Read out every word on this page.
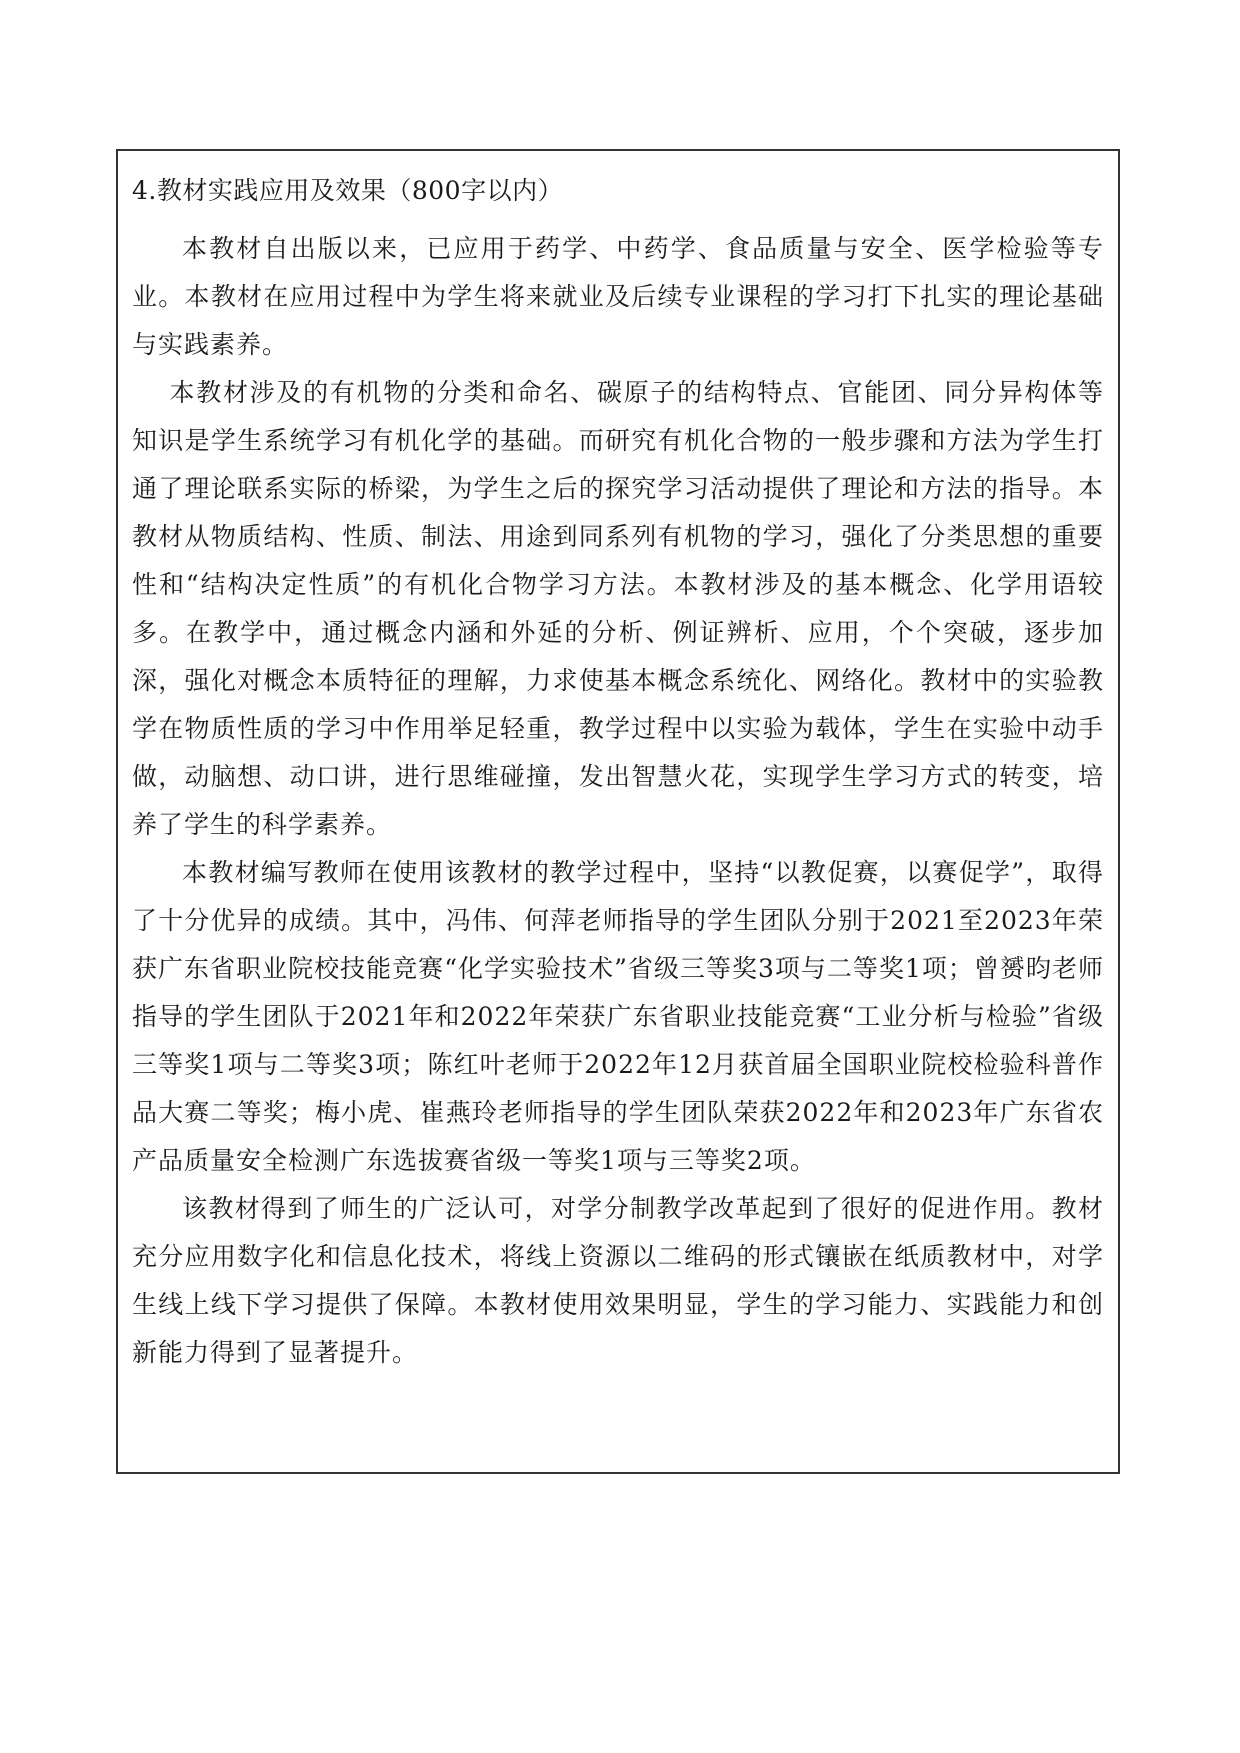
4.教材实践应用及效果（800字以内）

本教材自出版以来，已应用于药学、中药学、食品质量与安全、医学检验等专业。本教材在应用过程中为学生将来就业及后续专业课程的学习打下扎实的理论基础与实践素养。

本教材涉及的有机物的分类和命名、碳原子的结构特点、官能团、同分异构体等知识是学生系统学习有机化学的基础。而研究有机化合物的一般步骤和方法为学生打通了理论联系实际的桥梁，为学生之后的探究学习活动提供了理论和方法的指导。本教材从物质结构、性质、制法、用途到同系列有机物的学习，强化了分类思想的重要性和“结构决定性质”的有机化合物学习方法。本教材涉及的基本概念、化学用语较多。在教学中，通过概念内涵和外延的分析、例证辨析、应用，个个突破，逐步加深，强化对概念本质特征的理解，力求使基本概念系统化、网络化。教材中的实验教学在物质性质的学习中作用举足轻重，教学过程中以实验为载体，学生在实验中动手做，动脑想、动口讲，进行思维碰撞，发出智慧火花，实现学生学习方式的转变，培养了学生的科学素养。

本教材编写教师在使用该教材的教学过程中，坚持“以教促赛，以赛促学”，取得了十分优异的成绩。其中，冯伟、何萍老师指导的学生团队分别于2021至2023年荣获广东省职业院校技能竞赛“化学实验技术”省级三等奖3项与二等奖1项；曾赟昀老师指导的学生团队于2021年和2022年荣获广东省职业技能竞赛“工业分析与检验”省级三等奖1项与二等奖3项；陈红叶老师于2022年12月获首届全国职业院校检验科普作品大赛二等奖；梅小虎、崔燕玲老师指导的学生团队荣获2022年和2023年广东省农产品质量安全检测广东选拔赛省级一等奖1项与三等奖2项。

该教材得到了师生的广泛认可，对学分制教学改革起到了很好的促进作用。教材充分应用数字化和信息化技术，将线上资源以二维码的形式镶嵌在纸质教材中，对学生线上线下学习提供了保障。本教材使用效果明显，学生的学习能力、实践能力和创新能力得到了显著提升。
